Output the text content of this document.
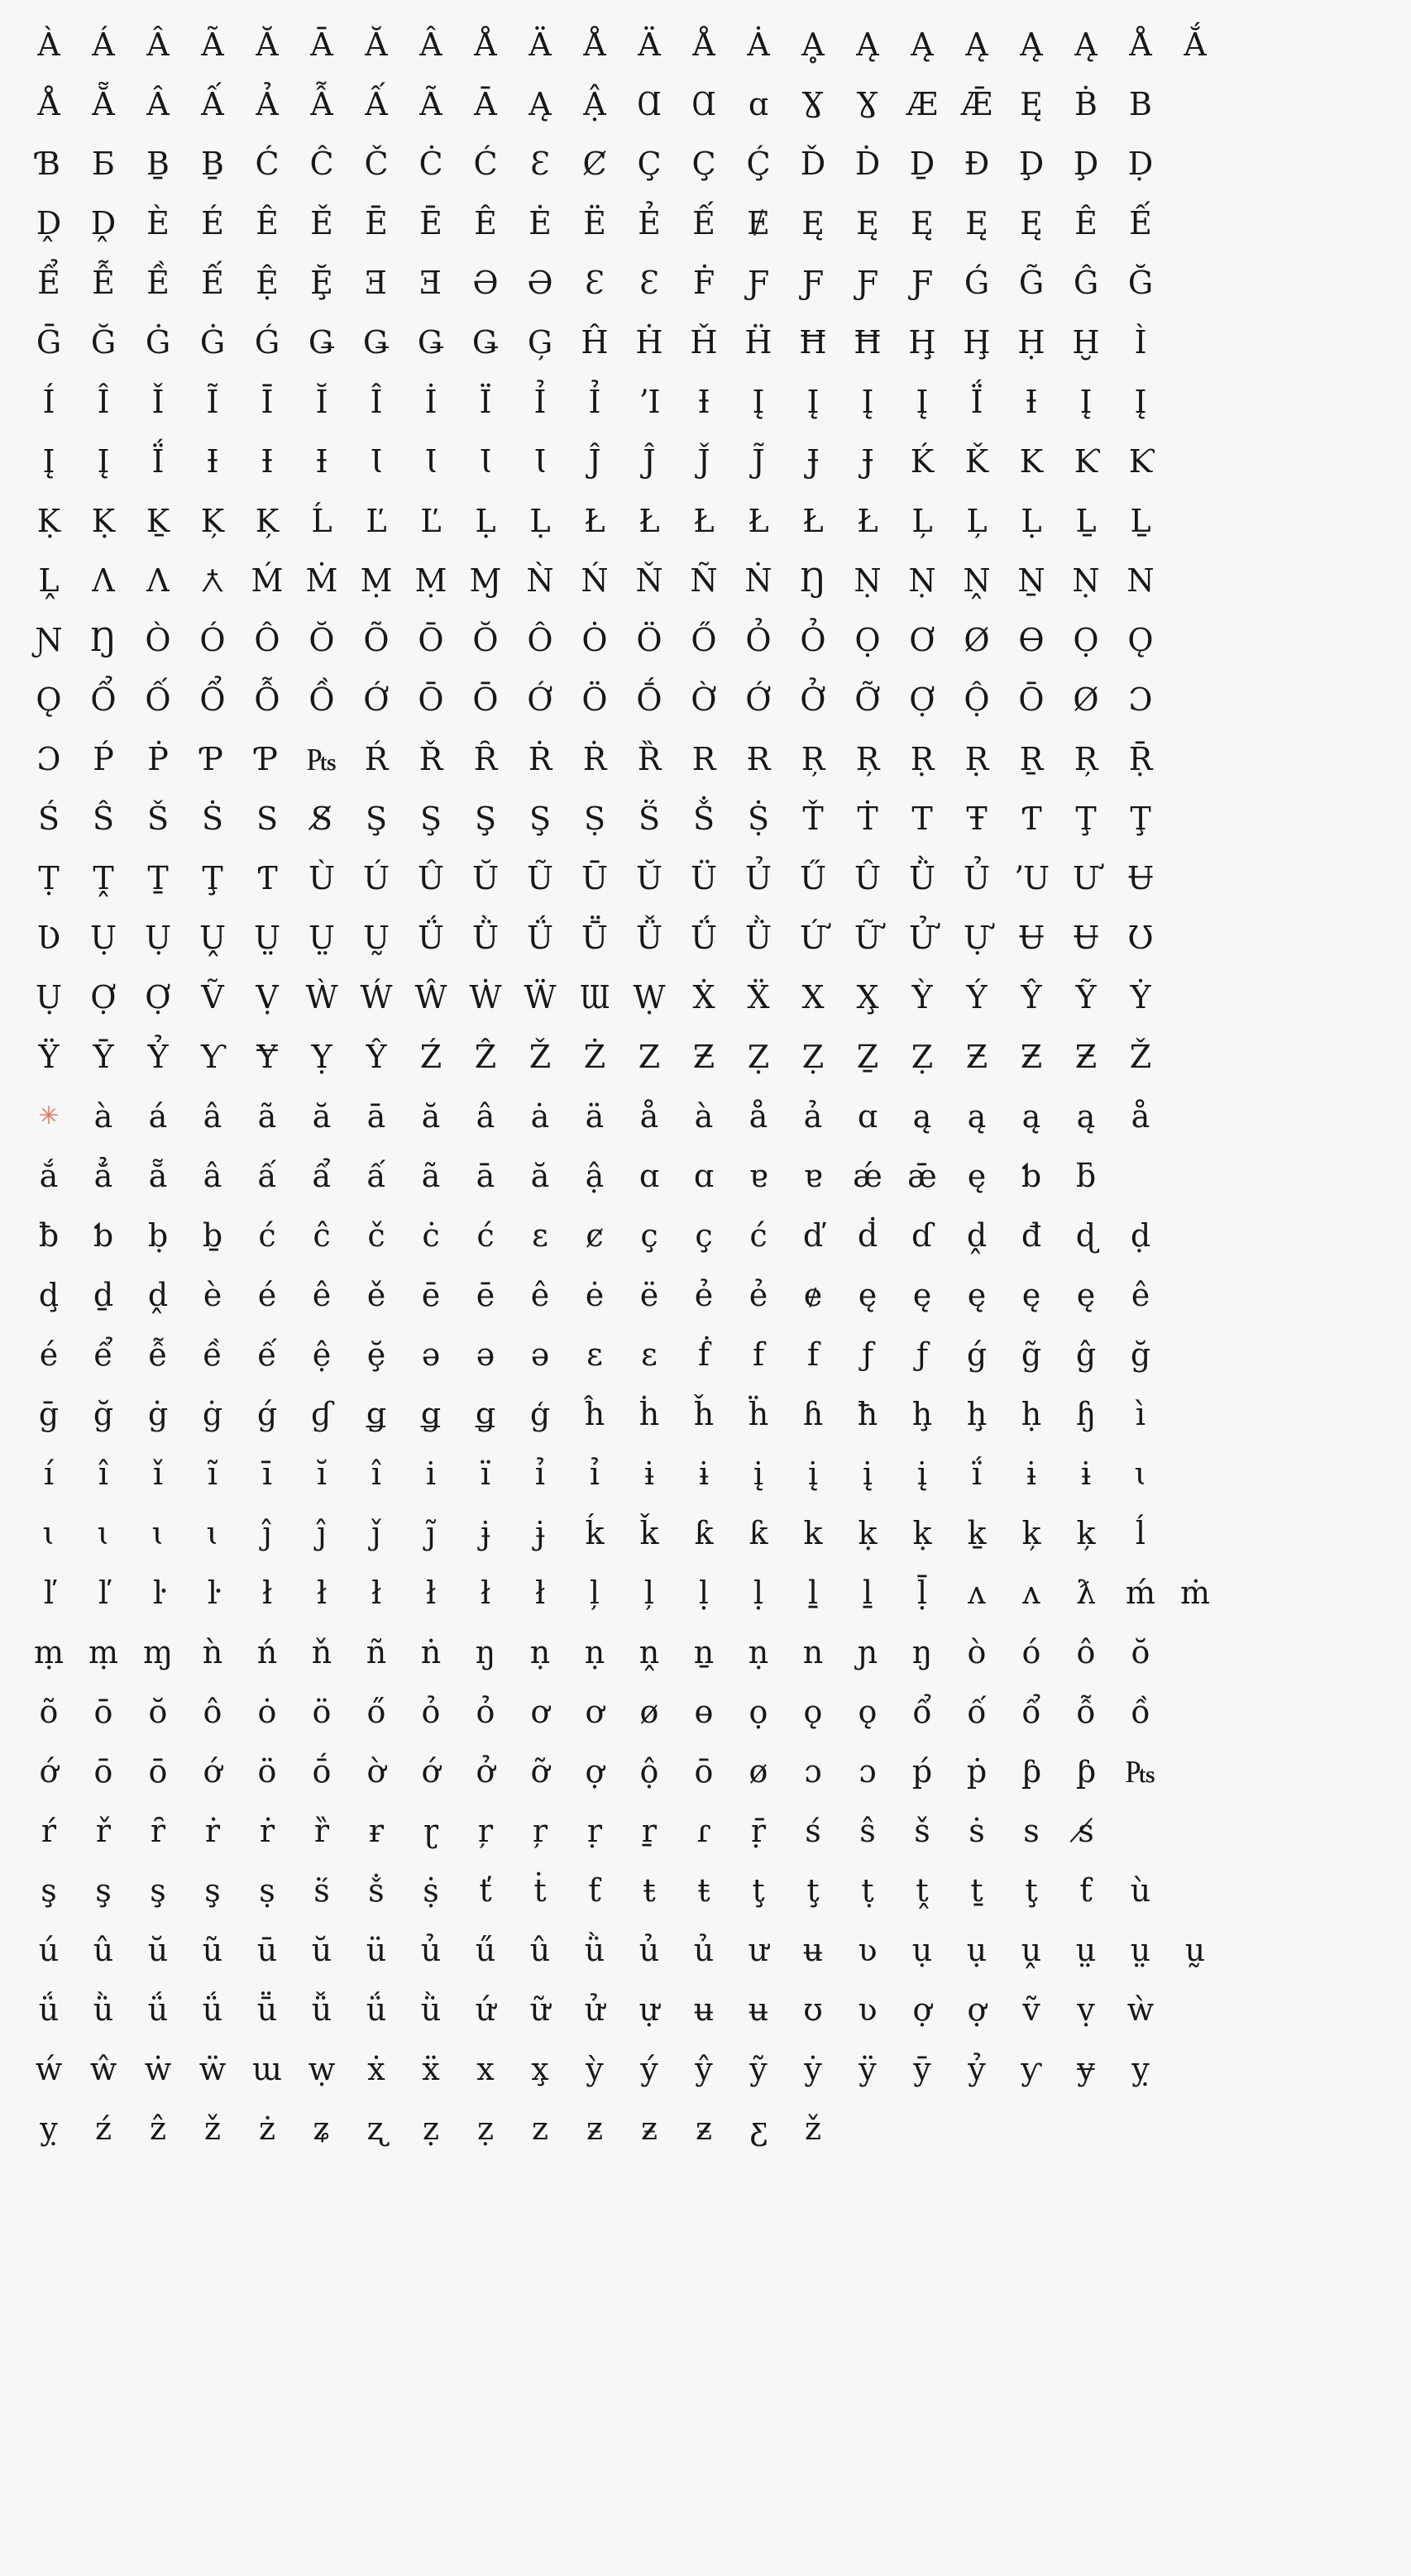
À	Á	Â	Ã	Ă	Ā	Ă	Â	Å	Ä	Å	Ä	Å	Ȧ	Ḁ	Ą	Ą	Ą	Ą	Ą	Å	Ắ
Å	Ẵ	Â	Ấ	Ả	Ẫ	Ấ	Ã	Ā	Ą	Ậ Ɑ Ɑ	ɑ	Ɣ	Ɣ Æ Ǣ Ę	Ḃ	B
Ɓ	Ƃ	Ḇ	Ḇ Ć Ĉ Č Ċ Ć	Ɛ	Ȼ Ç Ç Ḉ Ď Ḋ Ḏ Đ Ḑ Ḑ Ḍ
Ḓ Ḓ È	É	Ê	Ě	Ē	Ē	Ê	Ė	Ë	Ẻ	Ế	Ɇ	Ę	Ę	Ę	Ę	Ę	Ê	Ế
Ể	Ễ	Ề	Ế	Ệ	Ḝ	Ǝ	Ǝ Ə Ə	Ɛ	Ɛ	Ḟ	Ƒ	Ƒ	Ƒ	Ƒ Ǵ G̃ Ĝ Ğ
Ḡ Ğ Ġ Ġ Ǵ Ǥ Ǥ Ǥ Ǥ Ģ Ĥ Ḣ Ȟ Ḧ Ħ Ħ Ḩ Ḩ Ḥ Ḫ	Ì
Í	Î	Ǐ	Ĩ	Ī	Ĭ	Î	İ	Ï	Ỉ	Ỉ	ʼI	Ɨ	Į	Į	Į	Į	Ḯ	Ɨ	Į	Į
Į	Į	Ḯ	Ɨ	Ɨ	Ɨ	Ɩ	Ɩ	Ɩ	Ɩ	Ĵ	Ĵ	J̌	J̃	Ɉ	Ɉ	Ḱ Ǩ K Ƙ Ƙ
Ḳ Ḳ Ḵ Ķ Ķ	Ĺ	Ľ	Ľ	Ḷ	Ḷ	Ł	Ł	Ł	Ł	Ł	Ł	Ļ	Ļ	Ḷ	Ḻ	Ḻ
Ḽ	Ʌ	Ʌ	Ƛ Ḿ Ṁ Ṃ Ṃ Ɱ Ǹ Ń Ň Ñ Ṅ Ŋ Ṇ Ṇ Ṋ Ṉ Ṇ N
Ɲ Ŋ Ò Ó Ô Ŏ Õ Ō Ŏ Ô Ȯ Ö Ő Ỏ Ỏ Ọ Ơ Ø Ɵ Ọ Ǫ
Ǫ Ổ Ố Ổ Ỗ Ồ Ớ Ō Ō Ớ Ö Ṓ Ờ Ớ Ở Ỡ Ợ Ộ Ō Ø Ɔ
Ɔ	Ṕ	Ṗ	Ƥ	Ƥ ₧ Ŕ Ř Ȓ Ṙ Ṙ Ȑ R Ɍ Ŗ Ŗ Ṛ Ṛ Ṟ Ŗ Ṝ
Ś	Ŝ	Š	Ṡ	S	S̸	Ş	Ş	Ş	Ş	Ṣ	Ṥ	Ṧ	Ṩ	Ť	Ṫ	T	Ŧ	Ƭ	Ţ	Ţ
Ṭ	Ṱ	Ṯ	Ţ	Ƭ Ù Ú Û Ŭ Ũ Ū Ŭ Ü Ủ Ű Û Ǜ Ủ ʼU Ư Ʉ
Ʋ Ụ Ụ Ṷ Ṳ Ṳ Ṵ Ǘ Ǜ Ǘ Ṻ Ǚ Ǘ Ǜ Ứ Ữ Ử Ự Ʉ Ʉ Ʊ
Ụ Ợ Ợ Ṽ	Ṿ Ẁ Ẃ Ŵ Ẇ Ẅ Ɯ Ẉ Ẋ	Ẍ	X	X̧	Ỳ	Ý	Ŷ	Ỹ	Ẏ
Ÿ	Ȳ	Ỷ	Ƴ	Ɏ	Ỵ	Ŷ	Ź	Ẑ	Ž	Ż	Z	Ƶ	Ẓ	Ẓ	Ẕ	Ẓ	Ƶ	Ƶ	Ƶ	Ž
✳	à	á	â	ã	ă	ā	ă	â	ȧ	ä	å	à	å	ả	ɑ	ą	ą	ą	ą	å
ắ	ẳ	ẵ	â	ấ	ẩ	ấ	ã	ā	ă	ậ	ɑ	ɑ	ɐ	ɐ ǽ ǣ ę	ƅ	ƃ
ƀ	ƅ	ḅ	ḇ	ć	ĉ	č	ċ	ć	ɛ	ȼ	ç	ç	ć	ď	ḋ	ɗ	ḓ	đ	ɖ	ḍ
ḑ	ḏ	ḓ	è	é	ê	ě	ē	ē	ê	ė	ë	ẻ	ẻ	ɇ	ę	ę	ę	ę	ę	ê
é	ể	ễ	ề	ế	ệ	ḝ	ə	ə	ə	ɛ	ɛ	ḟ	f	f	ƒ	ƒ	ǵ	g̃	ĝ	ğ
ḡ	ğ	ġ	ġ	ǵ	ɠ	ǥ	ǥ	ǥ	ģ	ĥ	ḣ	ȟ	ḧ	ɦ	ħ	ḩ	ḩ	ḥ	ɧ	ì
í	î	ǐ	ĩ	ī	ĭ	î	i	ï	ỉ	ỉ	ɨ	ɨ	į	į	į	į	ḯ	ɨ	ɨ	ɩ
ɩ	ɩ	ɩ	ɩ	ĵ	ĵ	ǰ	j̃	ɉ	ɉ	ḱ	ǩ	ƙ	ƙ	k	ḳ	ḳ	ḵ	ķ	ķ	ĺ
ľ	ľ	ŀ	ŀ	ł	ł	ł	ł	ł	ł	ļ	ļ	ḷ	ḷ	ḻ	ḻ	ḹ	ʌ	ʌ	ƛ ḿ ṁ
ṃ ṃ ɱ ǹ	ń	ň	ñ	ṅ	ŋ	ṇ	ṇ	ṋ	ṉ	ṇ	n	ɲ	ŋ	ò	ó	ô	ŏ
õ	ō	ŏ	ô	ȯ	ö	ő	ỏ	ỏ	ơ	ơ	ø	ɵ	ọ	ǫ	ǫ	ổ	ố	ổ	ỗ	ồ
ớ	ō	ō	ớ	ö	ṓ	ờ	ớ	ở	ỡ	ợ	ộ	ō	ø	ɔ	ɔ	ṕ	ṗ	ƥ	ƥ ₧
ŕ	ř	ȓ	ṙ	ṙ	ȑ	ɍ	ɽ	ŗ	ŗ	ṛ	ṟ	ɾ	ṝ	ś	ŝ	š	ṡ	s	s̸
ş	ş	ş	ş	ṣ	ṥ	ṧ	ṩ	ť	ṫ	ƭ	ŧ	ŧ	ţ	ţ	ṭ	ṱ	ṯ	ţ	ƭ	ù
ú	û	ŭ	ũ	ū	ŭ	ü	ủ	ű	û	ǜ	ủ	ủ	ư	ʉ	ʋ	ụ	ụ	ṷ	ṳ	ṳ	ṵ
ǘ	ǜ	ǘ	ǘ	ṻ	ǚ	ǘ	ǜ	ứ	ữ	ử	ự	ʉ	ʉ	ʊ	ʋ	ợ	ợ	ṽ	ṿ	ẁ
ẃ ŵ ẇ ẅ ɯ ẉ	ẋ	ẍ	x	x̧	ỳ	ý	ŷ	ỹ	ẏ	ÿ	ȳ	ỷ	ƴ	ɏ	ỵ
ỵ	ź	ẑ	ž	ż	ʑ	ʐ	ẓ	ẓ	z	ƶ	ƶ	ƶ	ƹ	ž
